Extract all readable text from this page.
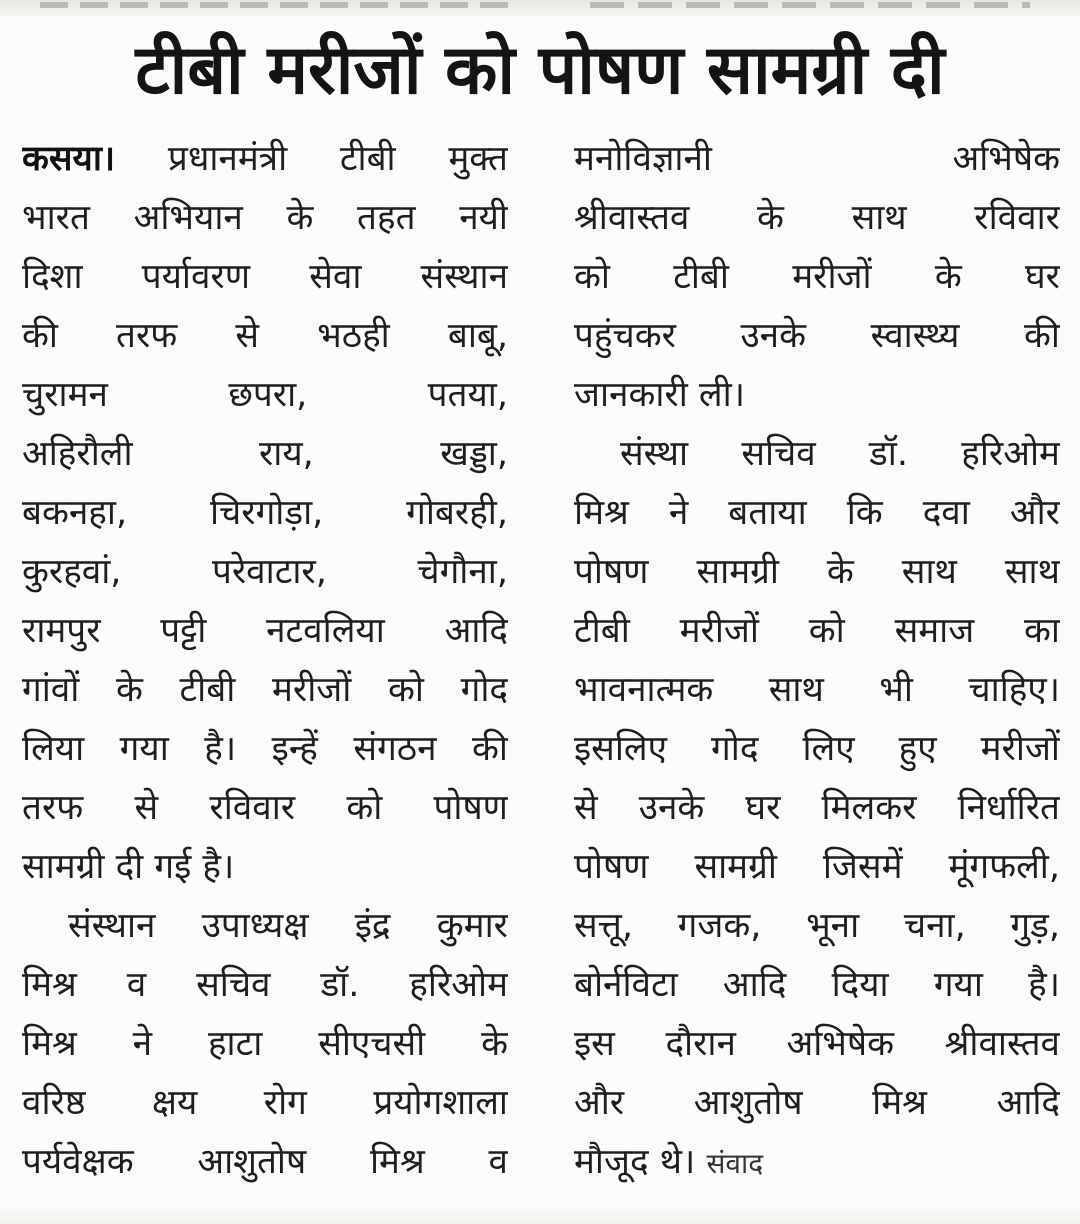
टीबी मरीजों को पोषण सामग्री दी
कसया। प्रधानमंत्री टीबी मुक्त
भारत अभियान के तहत नयी
दिशा पर्यावरण सेवा संस्थान
की तरफ से भठही बाबू,
चुरामन छपरा, पतया,
अहिरौली राय, खड्डा,
बकनहा, चिरगोड़ा, गोबरही,
कुरहवां, परेवाटार, चेगौना,
रामपुर पट्टी नटवलिया आदि
गांवों के टीबी मरीजों को गोद
लिया गया है। इन्हें संगठन की
तरफ से रविवार को पोषण
सामग्री दी गई है।
संस्थान उपाध्यक्ष इंद्र कुमार
मिश्र व सचिव डॉ. हरिओम
मिश्र ने हाटा सीएचसी के
वरिष्ठ क्षय रोग प्रयोगशाला
पर्यवेक्षक आशुतोष मिश्र व
मनोविज्ञानी अभिषेक
श्रीवास्तव के साथ रविवार
को टीबी मरीजों के घर
पहुंचकर उनके स्वास्थ्य की
जानकारी ली।
संस्था सचिव डॉ. हरिओम
मिश्र ने बताया कि दवा और
पोषण सामग्री के साथ साथ
टीबी मरीजों को समाज का
भावनात्मक साथ भी चाहिए।
इसलिए गोद लिए हुए मरीजों
से उनके घर मिलकर निर्धारित
पोषण सामग्री जिसमें मूंगफली,
सत्तू, गजक, भूना चना, गुड़,
बोर्नविटा आदि दिया गया है।
इस दौरान अभिषेक श्रीवास्तव
और आशुतोष मिश्र आदि
मौजूद थे। संवाद
